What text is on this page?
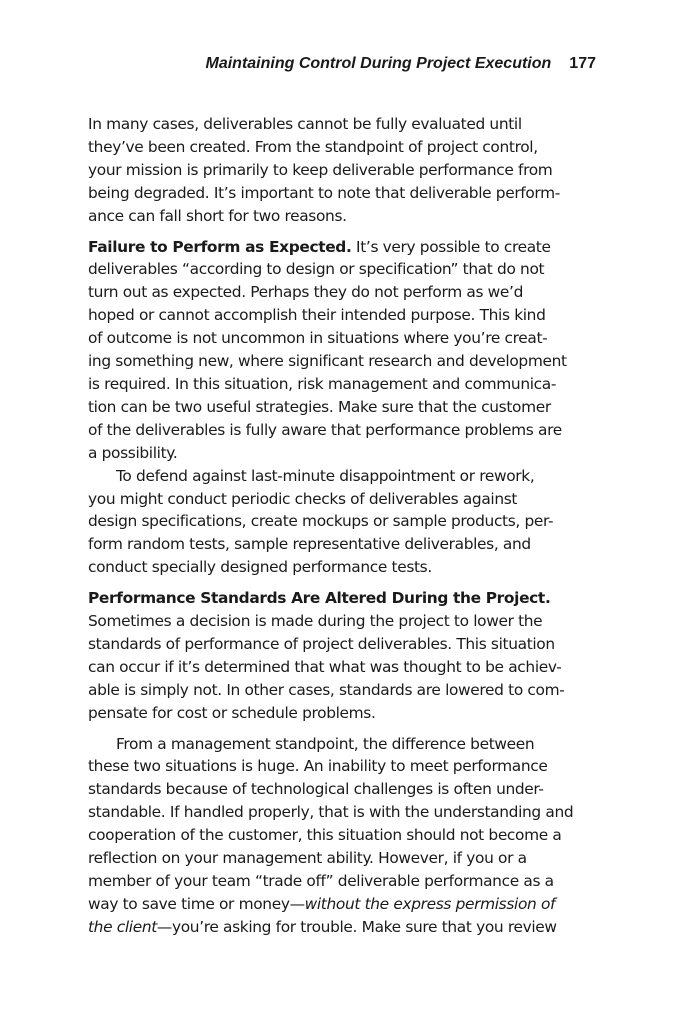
Maintaining Control During Project Execution 177
In many cases, deliverables cannot be fully evaluated until
they’ve been created. From the standpoint of project control,
your mission is primarily to keep deliverable performance from
being degraded. It’s important to note that deliverable perform-
ance can fall short for two reasons.
Failure to Perform as Expected. It’s very possible to create
deliverables “according to design or specification” that do not
turn out as expected. Perhaps they do not perform as we’d
hoped or cannot accomplish their intended purpose. This kind
of outcome is not uncommon in situations where you’re creat-
ing something new, where significant research and development
is required. In this situation, risk management and communica-
tion can be two useful strategies. Make sure that the customer
of the deliverables is fully aware that performance problems are
a possibility.
To defend against last-minute disappointment or rework,
you might conduct periodic checks of deliverables against
design specifications, create mockups or sample products, per-
form random tests, sample representative deliverables, and
conduct specially designed performance tests.
Performance Standards Are Altered During the Project.
Sometimes a decision is made during the project to lower the
standards of performance of project deliverables. This situation
can occur if it’s determined that what was thought to be achiev-
able is simply not. In other cases, standards are lowered to com-
pensate for cost or schedule problems.
From a management standpoint, the difference between
these two situations is huge. An inability to meet performance
standards because of technological challenges is often under-
standable. If handled properly, that is with the understanding and
cooperation of the customer, this situation should not become a
reflection on your management ability. However, if you or a
member of your team “trade off” deliverable performance as a
way to save time or money—without the express permission of
the client—you’re asking for trouble. Make sure that you review
